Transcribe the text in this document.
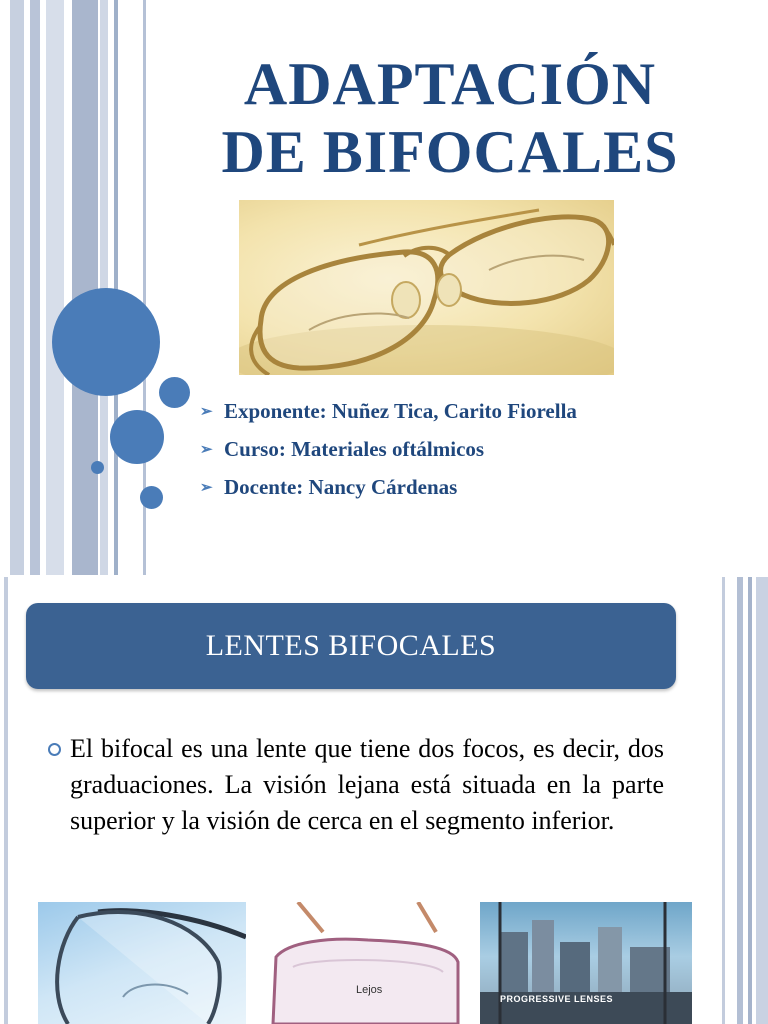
ADAPTACIÓN
DE BIFOCALES
➢ Exponente: Nuñez Tica, Carito Fiorella
➢ Curso: Materiales oftálmicos
➢ Docente: Nancy Cárdenas
LENTES BIFOCALES

El bifocal es una lente que tiene dos focos, es decir, dos graduaciones. La visión lejana está situada en la parte superior y la visión de cerca en el segmento inferior.

Lejos
PROGRESSIVE LENSES
